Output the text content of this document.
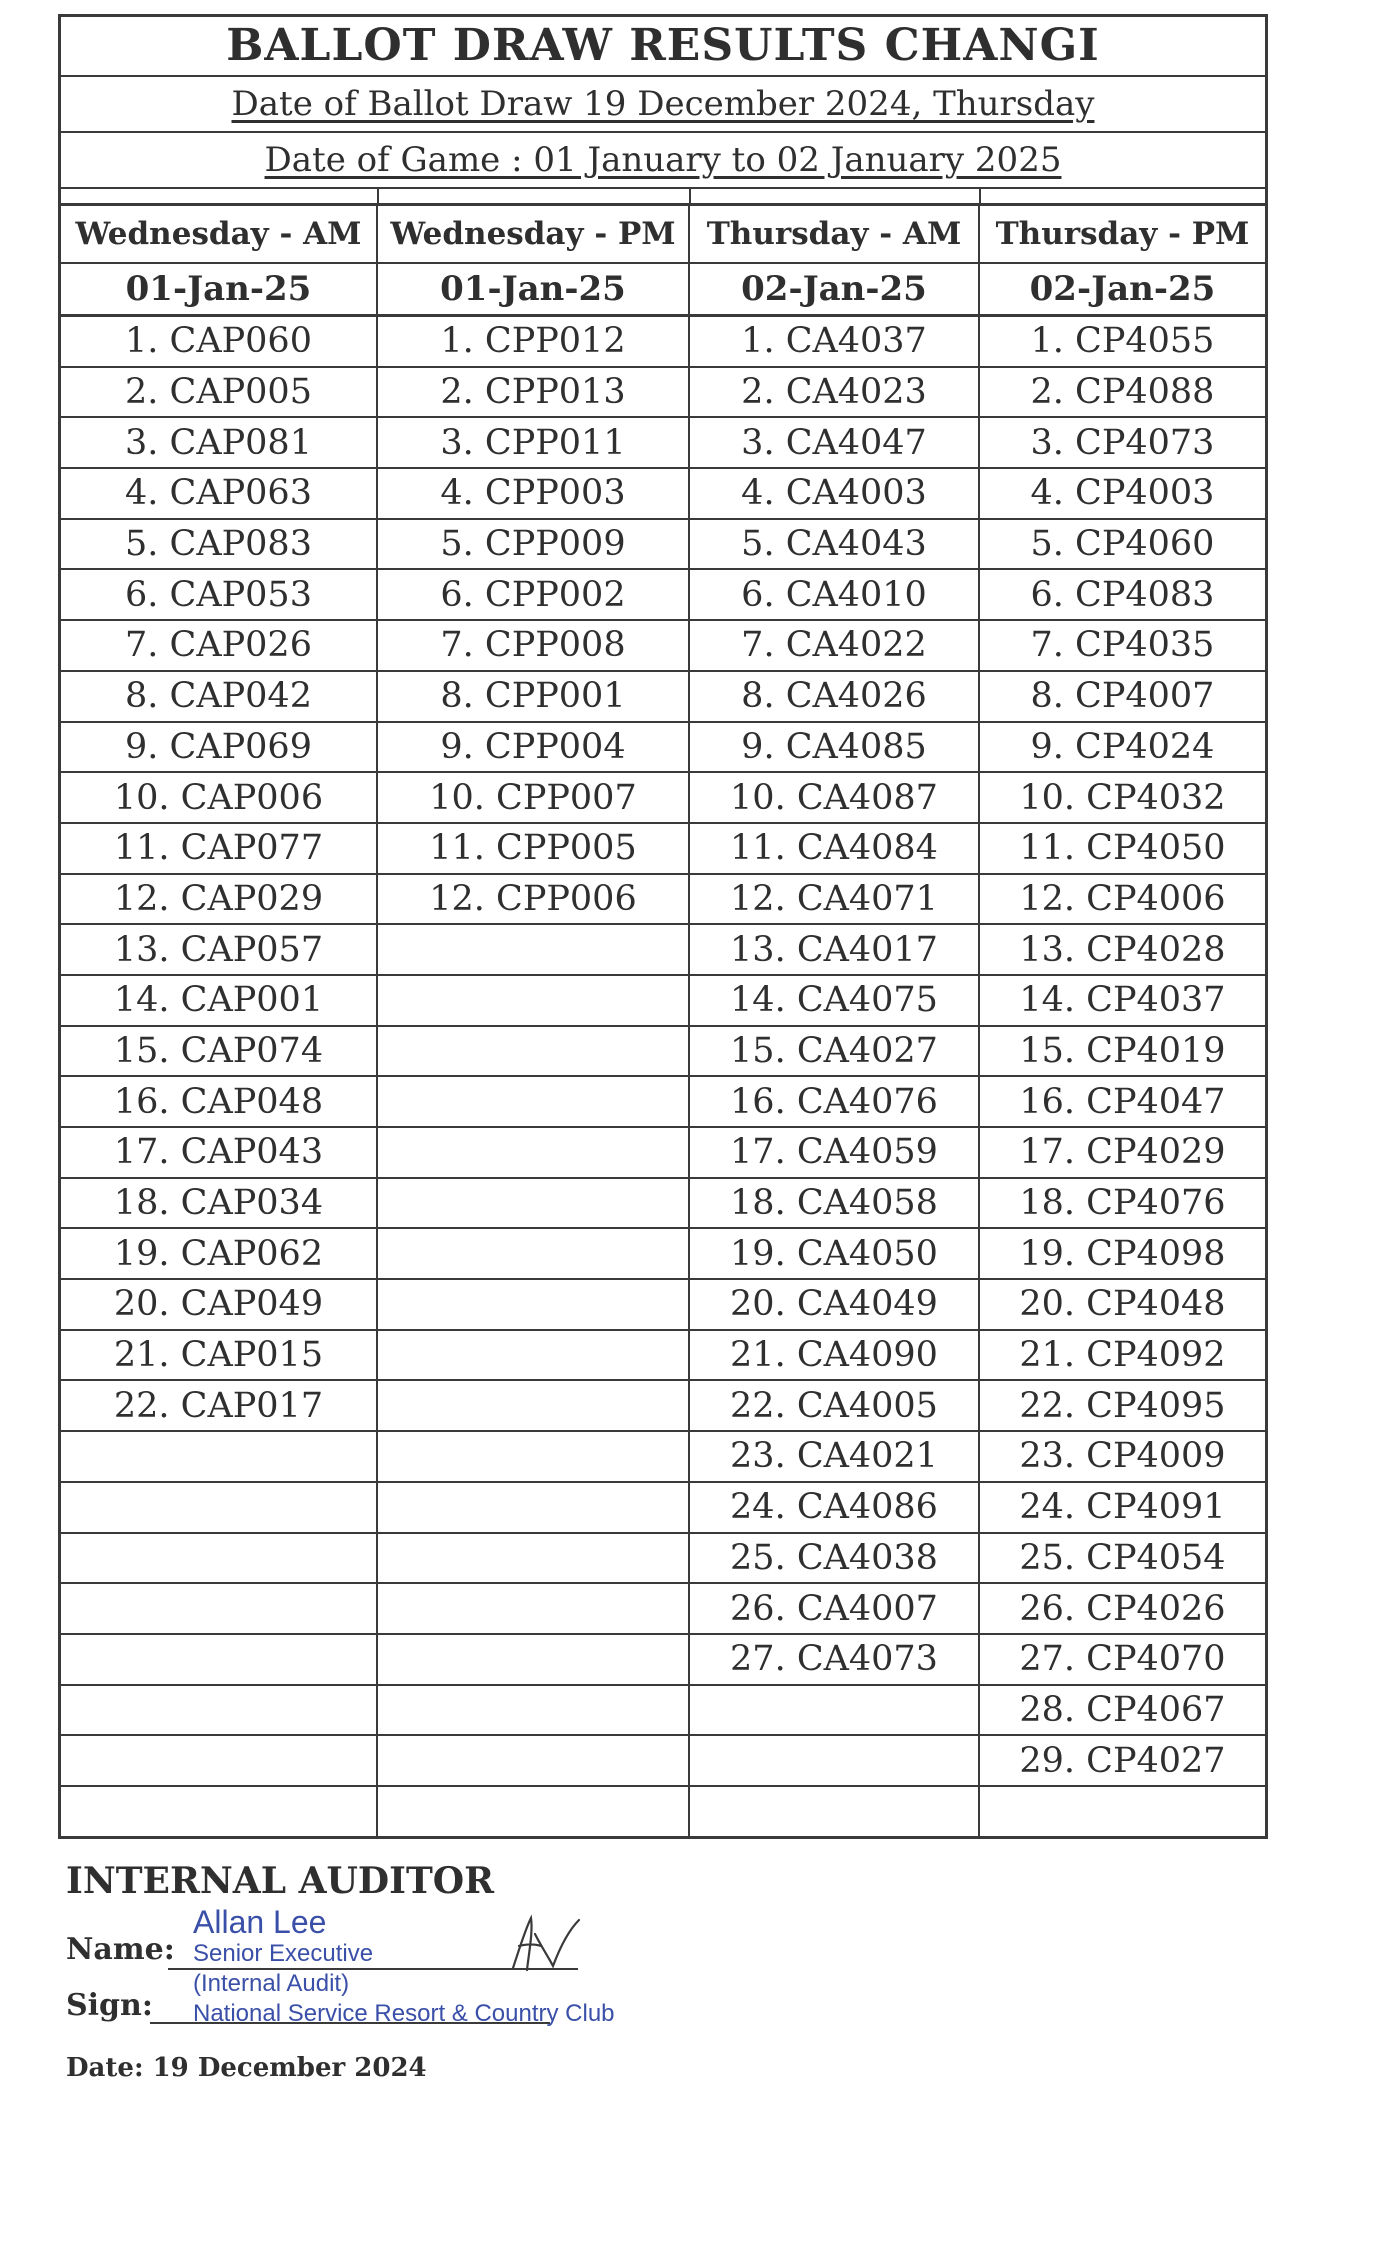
BALLOT DRAW RESULTS CHANGI
Date of Ballot Draw 19 December 2024, Thursday
Date of Game : 01 January to 02 January 2025
Wednesday - AM	Wednesday - PM	Thursday - AM	Thursday - PM
01-Jan-25	01-Jan-25	02-Jan-25	02-Jan-25
1. CAP060	1. CPP012	1. CA4037	1. CP4055
2. CAP005	2. CPP013	2. CA4023	2. CP4088
3. CAP081	3. CPP011	3. CA4047	3. CP4073
4. CAP063	4. CPP003	4. CA4003	4. CP4003
5. CAP083	5. CPP009	5. CA4043	5. CP4060
6. CAP053	6. CPP002	6. CA4010	6. CP4083
7. CAP026	7. CPP008	7. CA4022	7. CP4035
8. CAP042	8. CPP001	8. CA4026	8. CP4007
9. CAP069	9. CPP004	9. CA4085	9. CP4024
10. CAP006	10. CPP007	10. CA4087	10. CP4032
11. CAP077	11. CPP005	11. CA4084	11. CP4050
12. CAP029	12. CPP006	12. CA4071	12. CP4006
13. CAP057		13. CA4017	13. CP4028
14. CAP001		14. CA4075	14. CP4037
15. CAP074		15. CA4027	15. CP4019
16. CAP048		16. CA4076	16. CP4047
17. CAP043		17. CA4059	17. CP4029
18. CAP034		18. CA4058	18. CP4076
19. CAP062		19. CA4050	19. CP4098
20. CAP049		20. CA4049	20. CP4048
21. CAP015		21. CA4090	21. CP4092
22. CAP017		22. CA4005	22. CP4095
		23. CA4021	23. CP4009
		24. CA4086	24. CP4091
		25. CA4038	25. CP4054
		26. CA4007	26. CP4026
		27. CA4073	27. CP4070
			28. CP4067
			29. CP4027

INTERNAL AUDITOR
Name:
Sign:
Allan Lee
Senior Executive
(Internal Audit)
National Service Resort & Country Club
Date: 19 December 2024
